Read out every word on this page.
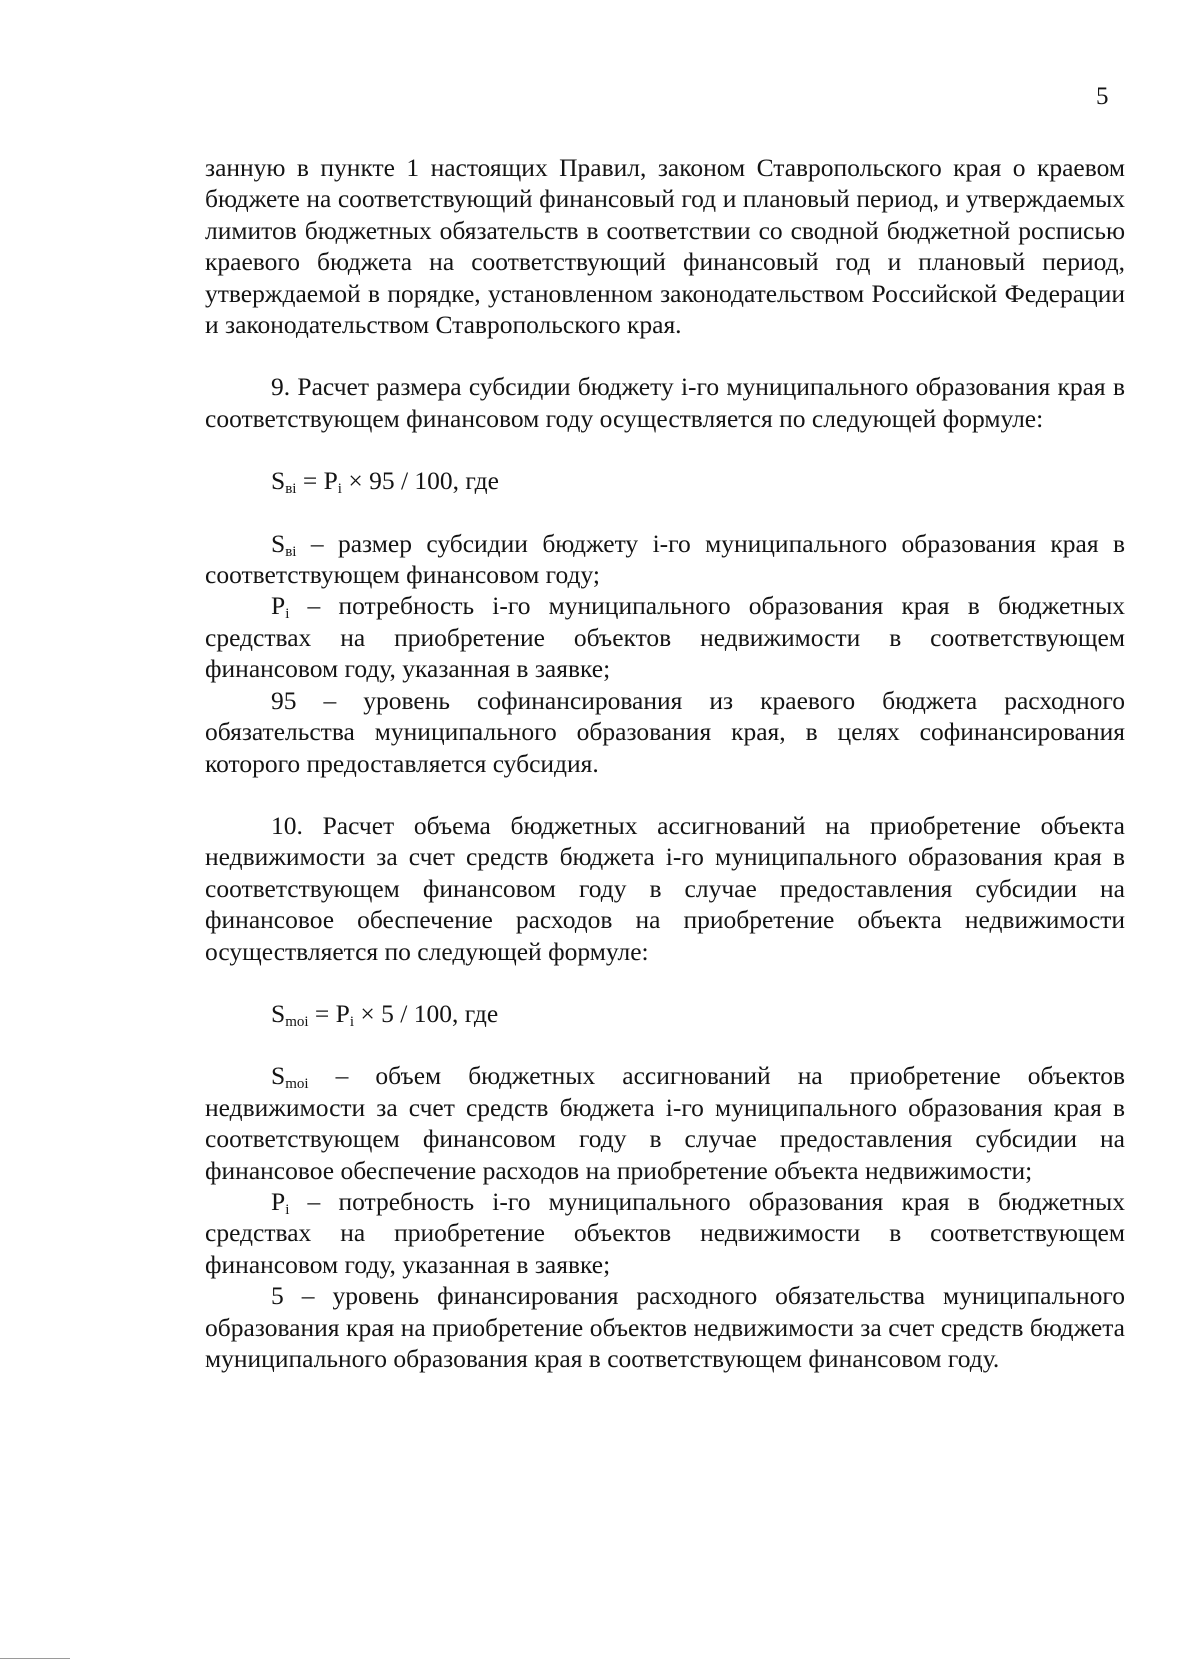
5

занную в пункте 1 настоящих Правил, законом Ставропольского края о краевом бюджете на соответствующий финансовый год и плановый период, и утверждаемых лимитов бюджетных обязательств в соответствии со сводной бюджетной росписью краевого бюджета на соответствующий финансовый год и плановый период, утверждаемой в порядке, установленном законодательством Российской Федерации и законодательством Ставропольского края.

9. Расчет размера субсидии бюджету i-го муниципального образования края в соответствующем финансовом году осуществляется по следующей формуле:

$S_{вi} = P_i \times 95 / 100$, где

$S_{вi}$ – размер субсидии бюджету i-го муниципального образования края в соответствующем финансовом году;

$P_i$ – потребность i-го муниципального образования края в бюджетных средствах на приобретение объектов недвижимости в соответствующем финансовом году, указанная в заявке;

95 – уровень софинансирования из краевого бюджета расходного обязательства муниципального образования края, в целях софинансирования которого предоставляется субсидия.

10. Расчет объема бюджетных ассигнований на приобретение объекта недвижимости за счет средств бюджета i-го муниципального образования края в соответствующем финансовом году в случае предоставления субсидии на финансовое обеспечение расходов на приобретение объекта недвижимости осуществляется по следующей формуле:

$S_{moi} = P_i \times 5 / 100$, где

$S_{moi}$ – объем бюджетных ассигнований на приобретение объектов недвижимости за счет средств бюджета i-го муниципального образования края в соответствующем финансовом году в случае предоставления субсидии на финансовое обеспечение расходов на приобретение объекта недвижимости;

$P_i$ – потребность i-го муниципального образования края в бюджетных средствах на приобретение объектов недвижимости в соответствующем финансовом году, указанная в заявке;

5 – уровень финансирования расходного обязательства муниципального образования края на приобретение объектов недвижимости за счет средств бюджета муниципального образования края в соответствующем финансовом году.
